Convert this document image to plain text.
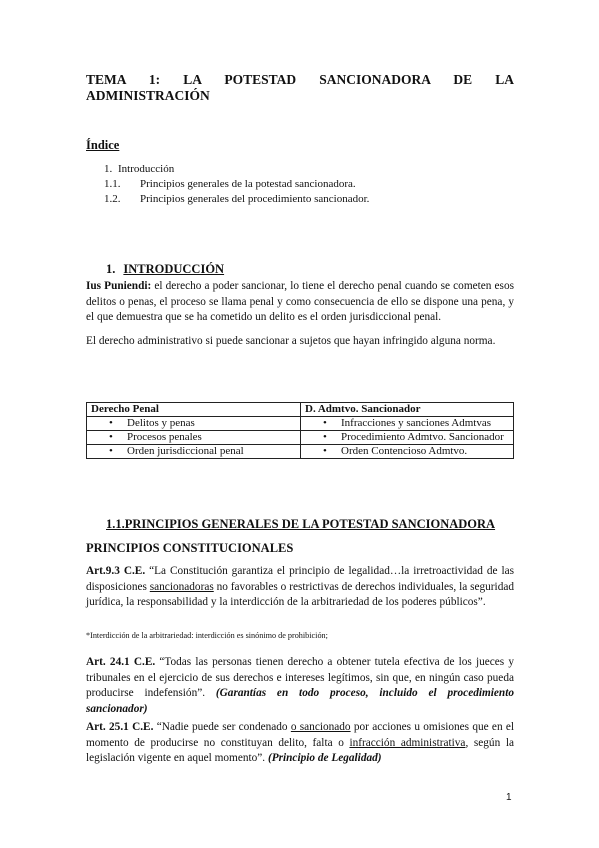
TEMA 1: LA POTESTAD SANCIONADORA DE LA
ADMINISTRACIÓN
Índice
1. Introducción
1.1. Principios generales de la potestad sancionadora.
1.2. Principios generales del procedimiento sancionador.
1. INTRODUCCIÓN
Ius Puniendi: el derecho a poder sancionar, lo tiene el derecho penal cuando se cometen esos delitos o penas, el proceso se llama penal y como consecuencia de ello se dispone una pena, y el que demuestra que se ha cometido un delito es el orden jurisdiccional penal.
El derecho administrativo si puede sancionar a sujetos que hayan infringido alguna norma.
Derecho Penal	D. Admtvo. Sancionador

• Delitos y penas	• Infracciones y sanciones Admtvas

• Procesos penales	• Procedimiento Admtvo. Sancionador

• Orden jurisdiccional penal	• Orden Contencioso Admtvo.
1.1.PRINCIPIOS GENERALES DE LA POTESTAD SANCIONADORA
PRINCIPIOS CONSTITUCIONALES
Art.9.3 C.E. “La Constitución garantiza el principio de legalidad…la irretroactividad de las disposiciones sancionadoras no favorables o restrictivas de derechos individuales, la seguridad jurídica, la responsabilidad y la interdicción de la arbitrariedad de los poderes públicos”.
*Interdicción de la arbitrariedad: interdicción es sinónimo de prohibición;
Art. 24.1 C.E. “Todas las personas tienen derecho a obtener tutela efectiva de los jueces y tribunales en el ejercicio de sus derechos e intereses legítimos, sin que, en ningún caso pueda producirse indefensión”. (Garantías en todo proceso, incluido el procedimiento sancionador)
Art. 25.1 C.E. “Nadie puede ser condenado o sancionado por acciones u omisiones que en el momento de producirse no constituyan delito, falta o infracción administrativa, según la legislación vigente en aquel momento”. (Principio de Legalidad)
1
